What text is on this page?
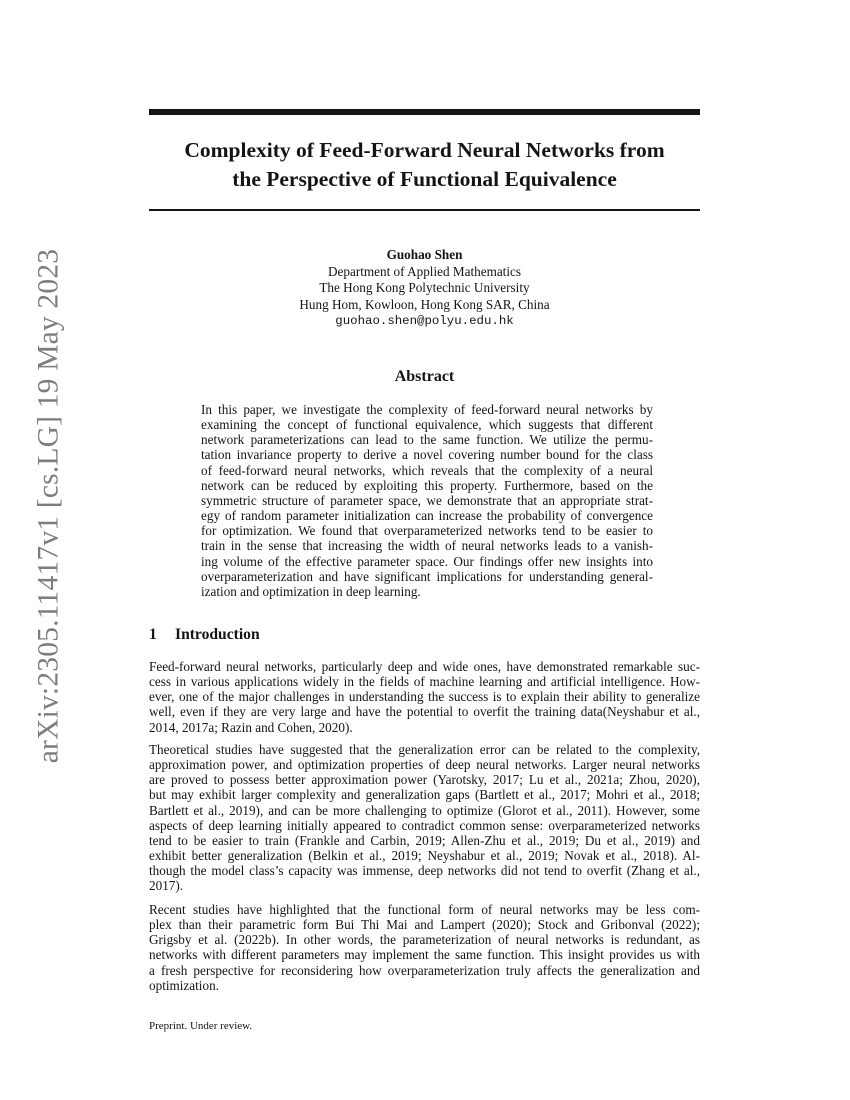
arXiv:2305.11417v1 [cs.LG] 19 May 2023
Complexity of Feed-Forward Neural Networks from
the Perspective of Functional Equivalence
Guohao Shen
Department of Applied Mathematics
The Hong Kong Polytechnic University
Hung Hom, Kowloon, Hong Kong SAR, China
guohao.shen@polyu.edu.hk
Abstract
In this paper, we investigate the complexity of feed-forward neural networks by
examining the concept of functional equivalence, which suggests that different
network parameterizations can lead to the same function. We utilize the permu-
tation invariance property to derive a novel covering number bound for the class
of feed-forward neural networks, which reveals that the complexity of a neural
network can be reduced by exploiting this property. Furthermore, based on the
symmetric structure of parameter space, we demonstrate that an appropriate strat-
egy of random parameter initialization can increase the probability of convergence
for optimization. We found that overparameterized networks tend to be easier to
train in the sense that increasing the width of neural networks leads to a vanish-
ing volume of the effective parameter space. Our findings offer new insights into
overparameterization and have significant implications for understanding general-
ization and optimization in deep learning.
1 Introduction
Feed-forward neural networks, particularly deep and wide ones, have demonstrated remarkable suc-
cess in various applications widely in the fields of machine learning and artificial intelligence. How-
ever, one of the major challenges in understanding the success is to explain their ability to generalize
well, even if they are very large and have the potential to overfit the training data(Neyshabur et al.,
2014, 2017a; Razin and Cohen, 2020).
Theoretical studies have suggested that the generalization error can be related to the complexity,
approximation power, and optimization properties of deep neural networks. Larger neural networks
are proved to possess better approximation power (Yarotsky, 2017; Lu et al., 2021a; Zhou, 2020),
but may exhibit larger complexity and generalization gaps (Bartlett et al., 2017; Mohri et al., 2018;
Bartlett et al., 2019), and can be more challenging to optimize (Glorot et al., 2011). However, some
aspects of deep learning initially appeared to contradict common sense: overparameterized networks
tend to be easier to train (Frankle and Carbin, 2019; Allen-Zhu et al., 2019; Du et al., 2019) and
exhibit better generalization (Belkin et al., 2019; Neyshabur et al., 2019; Novak et al., 2018). Al-
though the model class’s capacity was immense, deep networks did not tend to overfit (Zhang et al.,
2017).
Recent studies have highlighted that the functional form of neural networks may be less com-
plex than their parametric form Bui Thi Mai and Lampert (2020); Stock and Gribonval (2022);
Grigsby et al. (2022b). In other words, the parameterization of neural networks is redundant, as
networks with different parameters may implement the same function. This insight provides us with
a fresh perspective for reconsidering how overparameterization truly affects the generalization and
optimization.
Preprint. Under review.
